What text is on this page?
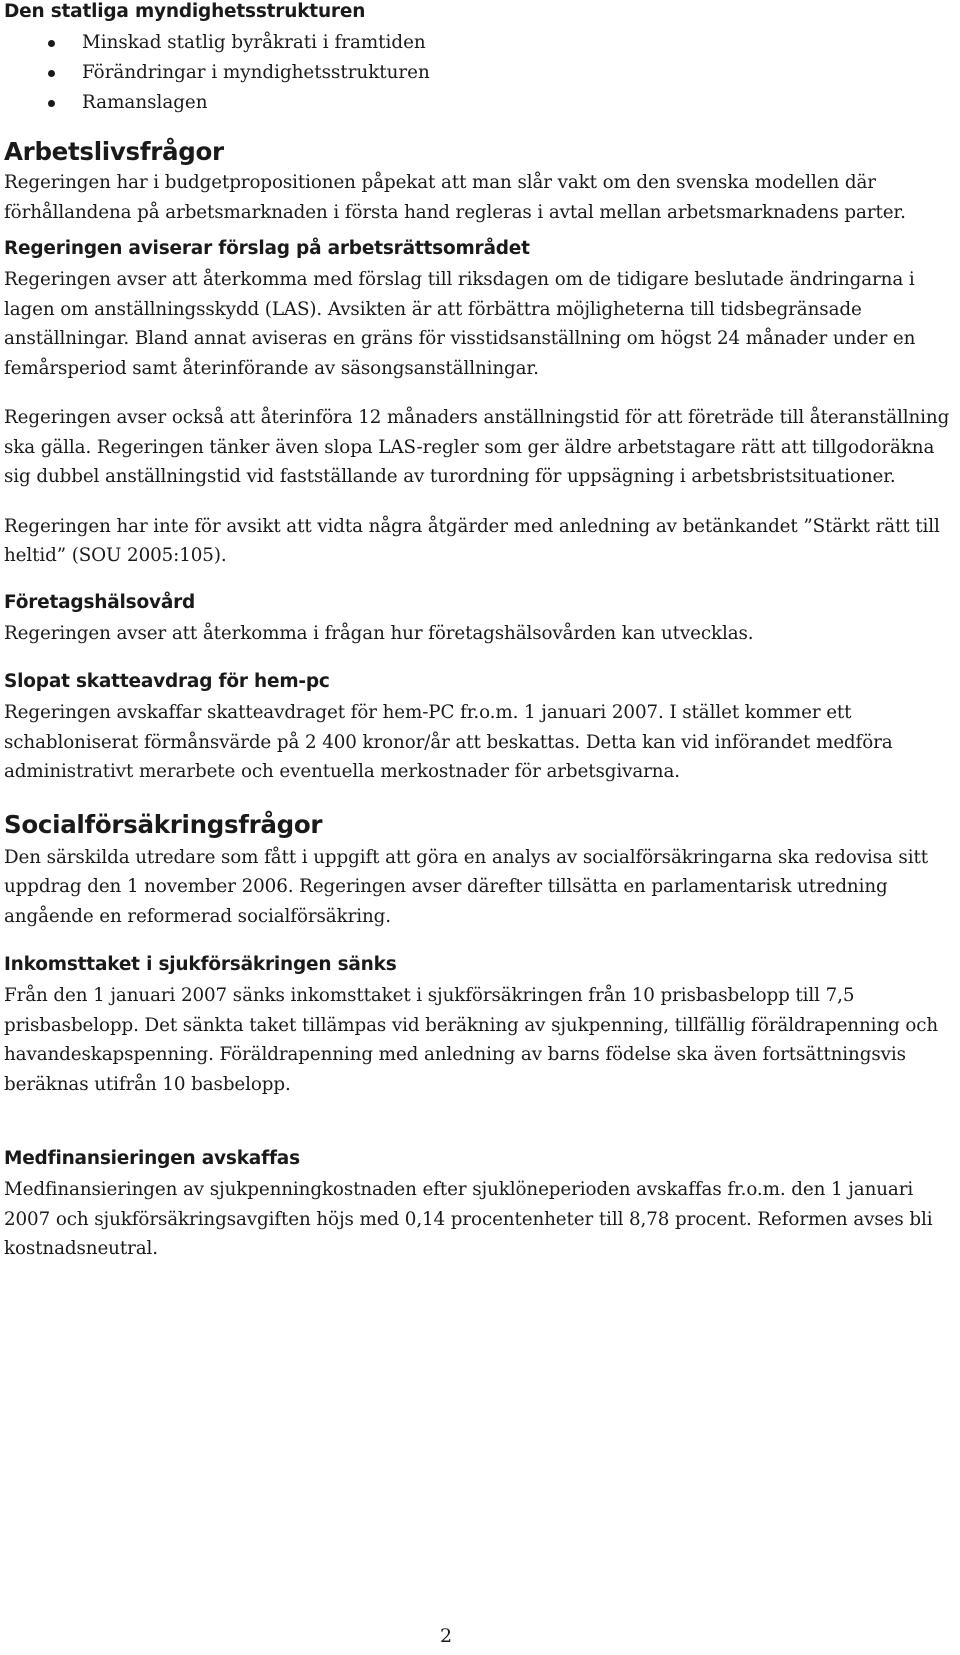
Den statliga myndighetsstrukturen
Minskad statlig byråkrati i framtiden
Förändringar i myndighetsstrukturen
Ramanslagen
Arbetslivsfrågor

Regeringen har i budgetpropositionen påpekat att man slår vakt om den svenska modellen där förhållandena på arbetsmarknaden i första hand regleras i avtal mellan arbetsmarknadens parter.

Regeringen aviserar förslag på arbetsrättsområdet

Regeringen avser att återkomma med förslag till riksdagen om de tidigare beslutade ändringarna i lagen om anställningsskydd (LAS). Avsikten är att förbättra möjligheterna till tidsbegränsade anställningar. Bland annat aviseras en gräns för visstidsanställning om högst 24 månader under en femårsperiod samt återinförande av säsongsanställningar.

Regeringen avser också att återinföra 12 månaders anställningstid för att företräde till återanställning ska gälla. Regeringen tänker även slopa LAS-regler som ger äldre arbetstagare rätt att tillgodoräkna sig dubbel anställningstid vid fastställande av turordning för uppsägning i arbetsbristsituationer.

Regeringen har inte för avsikt att vidta några åtgärder med anledning av betänkandet ”Stärkt rätt till heltid” (SOU 2005:105).

Företagshälsovård

Regeringen avser att återkomma i frågan hur företagshälsovården kan utvecklas.

Slopat skatteavdrag för hem-pc

Regeringen avskaffar skatteavdraget för hem-PC fr.o.m. 1 januari 2007. I stället kommer ett schabloniserat förmånsvärde på 2 400 kronor/år att beskattas. Detta kan vid införandet medföra administrativt merarbete och eventuella merkostnader för arbetsgivarna.

Socialförsäkringsfrågor

Den särskilda utredare som fått i uppgift att göra en analys av socialförsäkringarna ska redovisa sitt uppdrag den 1 november 2006. Regeringen avser därefter tillsätta en parlamentarisk utredning angående en reformerad socialförsäkring.

Inkomsttaket i sjukförsäkringen sänks

Från den 1 januari 2007 sänks inkomsttaket i sjukförsäkringen från 10 prisbasbelopp till 7,5 prisbasbelopp. Det sänkta taket tillämpas vid beräkning av sjukpenning, tillfällig föräldrapenning och havandeskapspenning. Föräldrapenning med anledning av barns födelse ska även fortsättningsvis beräknas utifrån 10 basbelopp.

Medfinansieringen avskaffas

Medfinansieringen av sjukpenningkostnaden efter sjuklöneperioden avskaffas fr.o.m. den 1 januari 2007 och sjukförsäkringsavgiften höjs med 0,14 procentenheter till 8,78 procent. Reformen avses bli kostnadsneutral.

2
